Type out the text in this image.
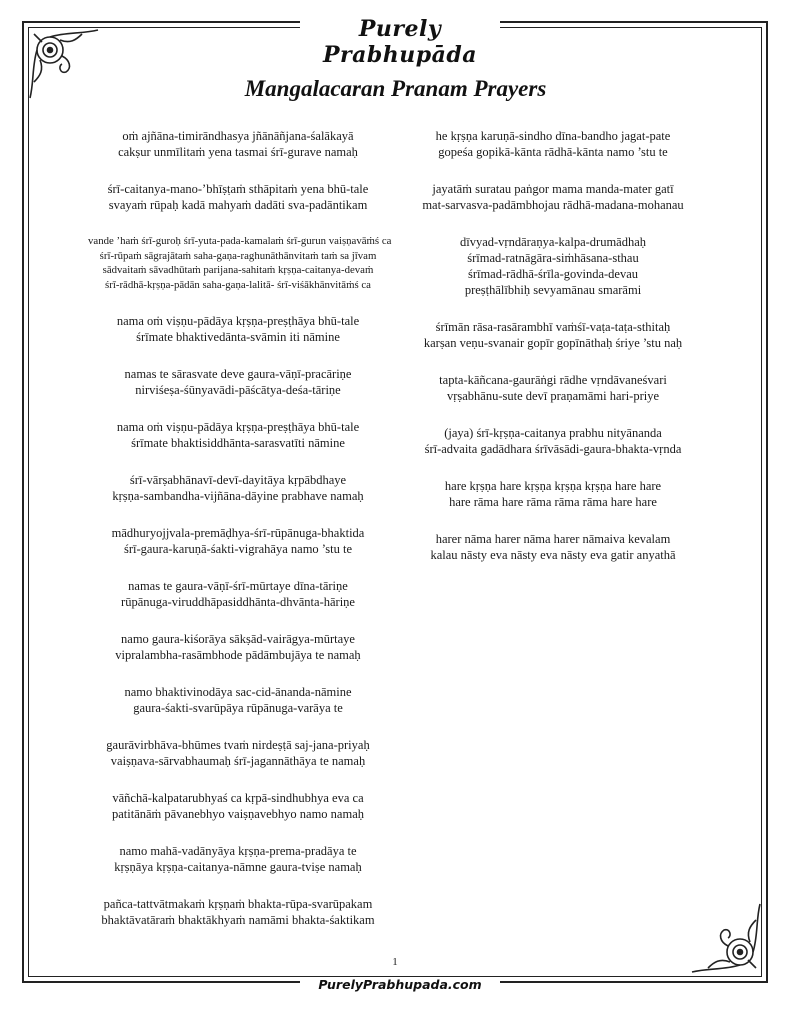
Purely Prabhupāda
Mangalacaran Pranam Prayers

oṁ ajñāna-timirāndhasya jñānāñjana-śalākayā
cakṣur unmīlitaṁ yena tasmai śrī-gurave namaḥ

śrī-caitanya-mano-’bhīṣṭaṁ sthāpitaṁ yena bhū-tale
svayaṁ rūpaḥ kadā mahyaṁ dadāti sva-padāntikam

vande ’haṁ śrī-guroḥ śrī-yuta-pada-kamalaṁ śrī-gurun vaiṣṇavāṁś ca
śrī-rūpaṁ sāgrajātaṁ saha-gaṇa-raghunāthānvitaṁ taṁ sa jīvam
sādvaitaṁ sāvadhūtaṁ parijana-sahitaṁ kṛṣṇa-caitanya-devaṁ
śrī-rādhā-kṛṣṇa-pādān saha-gaṇa-lalitā- śrī-viśākhānvitāṁś ca

nama oṁ viṣṇu-pādāya kṛṣṇa-preṣṭhāya bhū-tale
śrīmate bhaktivedānta-svāmin iti nāmine

namas te sārasvate deve gaura-vāṇī-pracāriṇe
nirviśeṣa-śūnyavādi-pāścātya-deśa-tāriṇe

nama oṁ viṣṇu-pādāya kṛṣṇa-preṣṭhāya bhū-tale
śrīmate bhaktisiddhānta-sarasvatīti nāmine

śrī-vārṣabhānavī-devī-dayitāya kṛpābdhaye
kṛṣṇa-sambandha-vijñāna-dāyine prabhave namaḥ

mādhuryojjvala-premāḍhya-śrī-rūpānuga-bhaktida
śrī-gaura-karuṇā-śakti-vigrahāya namo ’stu te

namas te gaura-vāṇī-śrī-mūrtaye dīna-tāriṇe
rūpānuga-viruddhāpasiddhānta-dhvānta-hāriṇe

namo gaura-kiśorāya sākṣād-vairāgya-mūrtaye
vipralambha-rasāmbhode pādāmbujāya te namaḥ

namo bhaktivinodāya sac-cid-ānanda-nāmine
gaura-śakti-svarūpāya rūpānuga-varāya te

gaurāvirbhāva-bhūmes tvaṁ nirdeṣṭā saj-jana-priyaḥ
vaiṣṇava-sārvabhaumaḥ śrī-jagannāthāya te namaḥ

vāñchā-kalpatarubhyaś ca kṛpā-sindhubhya eva ca
patitānāṁ pāvanebhyo vaiṣṇavebhyo namo namaḥ

namo mahā-vadānyāya kṛṣṇa-prema-pradāya te
kṛṣṇāya kṛṣṇa-caitanya-nāmne gaura-tviṣe namaḥ

pañca-tattvātmakaṁ kṛṣṇaṁ bhakta-rūpa-svarūpakam
bhaktāvatāraṁ bhaktākhyaṁ namāmi bhakta-śaktikam

he kṛṣṇa karuṇā-sindho dīna-bandho jagat-pate
gopeśa gopikā-kānta rādhā-kānta namo ’stu te

jayatāṁ suratau paṅgor mama manda-mater gatī
mat-sarvasva-padāmbhojau rādhā-madana-mohanau

dīvyad-vṛndāraṇya-kalpa-drumādhaḥ
śrīmad-ratnāgāra-siṁhāsana-sthau
śrīmad-rādhā-śrīla-govinda-devau
preṣṭhālībhiḥ sevyamānau smarāmi

śrīmān rāsa-rasārambhī vaṁśī-vaṭa-taṭa-sthitaḥ
karṣan veṇu-svanair gopīr gopīnāthaḥ śriye ’stu naḥ

tapta-kāñcana-gaurāṅgi rādhe vṛndāvaneśvari
vṛṣabhānu-sute devī praṇamāmi hari-priye

(jaya) śrī-kṛṣṇa-caitanya prabhu nityānanda
śrī-advaita gadādhara śrīvāsādi-gaura-bhakta-vṛnda

hare kṛṣṇa hare kṛṣṇa kṛṣṇa kṛṣṇa hare hare
hare rāma hare rāma rāma rāma hare hare

harer nāma harer nāma harer nāmaiva kevalam
kalau nāsty eva nāsty eva nāsty eva gatir anyathā

1
PurelyPrabhupada.com
